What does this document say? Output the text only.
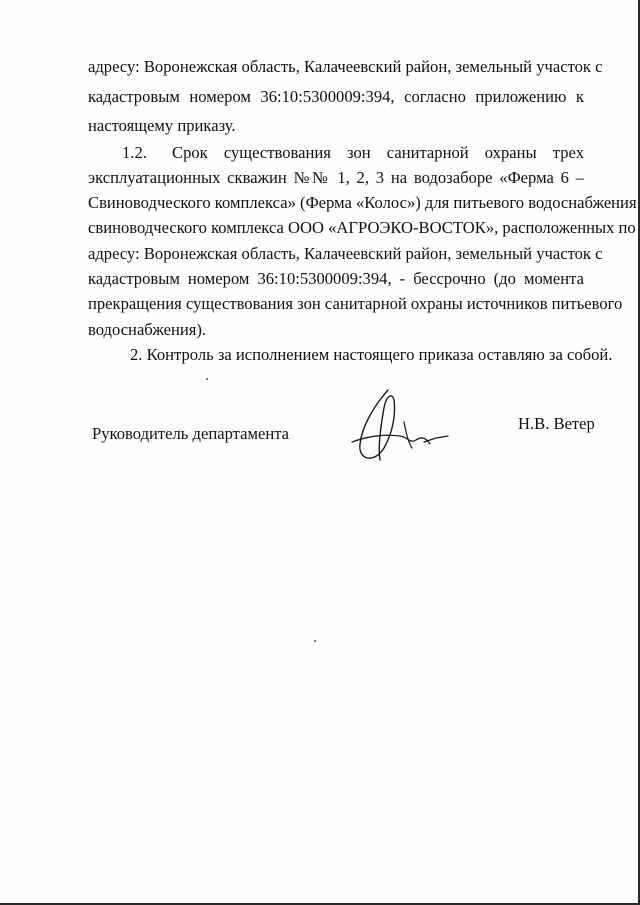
адресу: Воронежская область, Калачеевский район, земельный участок с
кадастровым номером 36:10:5300009:394, согласно приложению к
настоящему приказу.
1.2.	Срок существования зон санитарной охраны трех
эксплуатационных скважин №№ 1, 2, 3 на водозаборе «Ферма 6 –
Свиноводческого комплекса» (Ферма «Колос») для питьевого водоснабжения
свиноводческого комплекса ООО «АГРОЭКО-ВОСТОК», расположенных по
адресу: Воронежская область, Калачеевский район, земельный участок с
кадастровым номером 36:10:5300009:394, - бессрочно (до момента
прекращения существования зон санитарной охраны источников питьевого
водоснабжения).
2. Контроль за исполнением настоящего приказа оставляю за собой.
Руководитель департамента
Н.В. Ветер
